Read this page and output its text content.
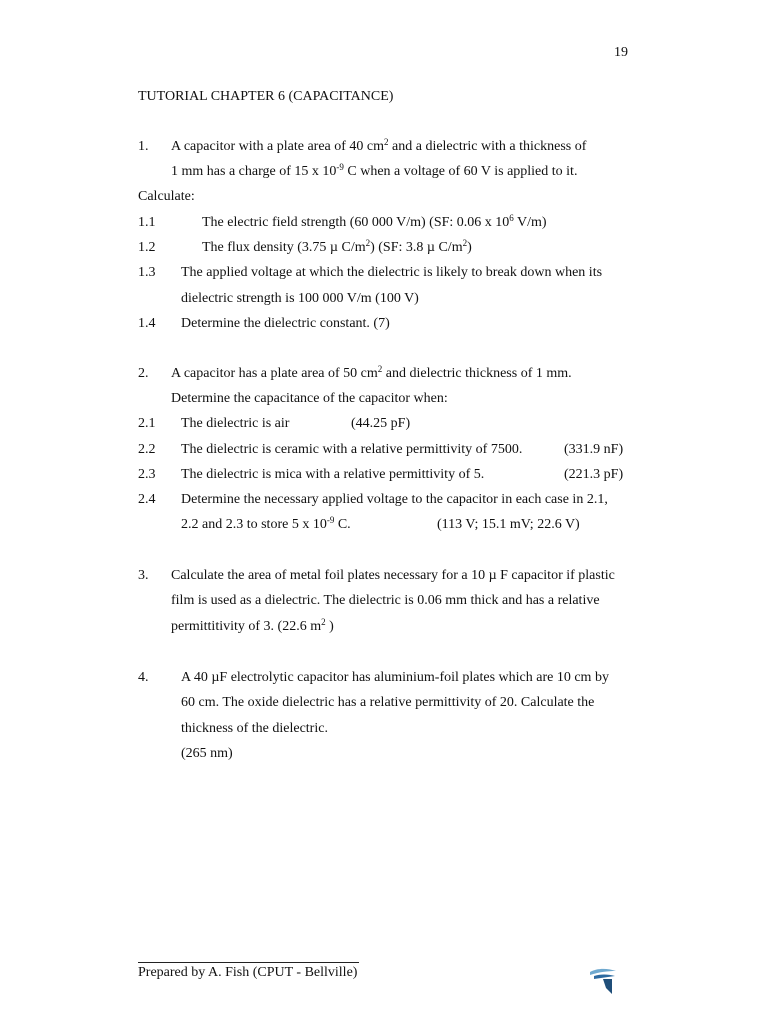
19
TUTORIAL CHAPTER 6 (CAPACITANCE)
1. A capacitor with a plate area of 40 $cm^2$ and a dielectric with a thickness of
1 mm has a charge of 15 x $10^{-9}$ C when a voltage of 60 V is applied to it.
Calculate:
1.1	The electric field strength (60 000 V/m) (SF: 0.06 x $10^6$ V/m)
1.2	The flux density (3.75 µ $C/m^2$) (SF: 3.8 µ $C/m^2$)
1.3 The applied voltage at which the dielectric is likely to break down when its
dielectric strength is 100 000 V/m (100 V)
1.4 Determine the dielectric constant. (7)
2. A capacitor has a plate area of 50 $cm^2$ and dielectric thickness of 1 mm.
Determine the capacitance of the capacitor when:
2.1 The dielectric is air	(44.25 pF)
2.2 The dielectric is ceramic with a relative permittivity of 7500.	(331.9 nF)
2.3 The dielectric is mica with a relative permittivity of 5.	(221.3 pF)
2.4 Determine the necessary applied voltage to the capacitor in each case in 2.1,
2.2 and 2.3 to store 5 x $10^{-9}$ C.	(113 V; 15.1 mV; 22.6 V)
3. Calculate the area of metal foil plates necessary for a 10 µ F capacitor if plastic
film is used as a dielectric. The dielectric is 0.06 mm thick and has a relative
permittitivity of 3. (22.6 $m^2$ )
4. A 40 µF electrolytic capacitor has aluminium-foil plates which are 10 cm by
60 cm. The oxide dielectric has a relative permittivity of 20. Calculate the
thickness of the dielectric.
(265 nm)
Prepared by A. Fish (CPUT - Bellville)
